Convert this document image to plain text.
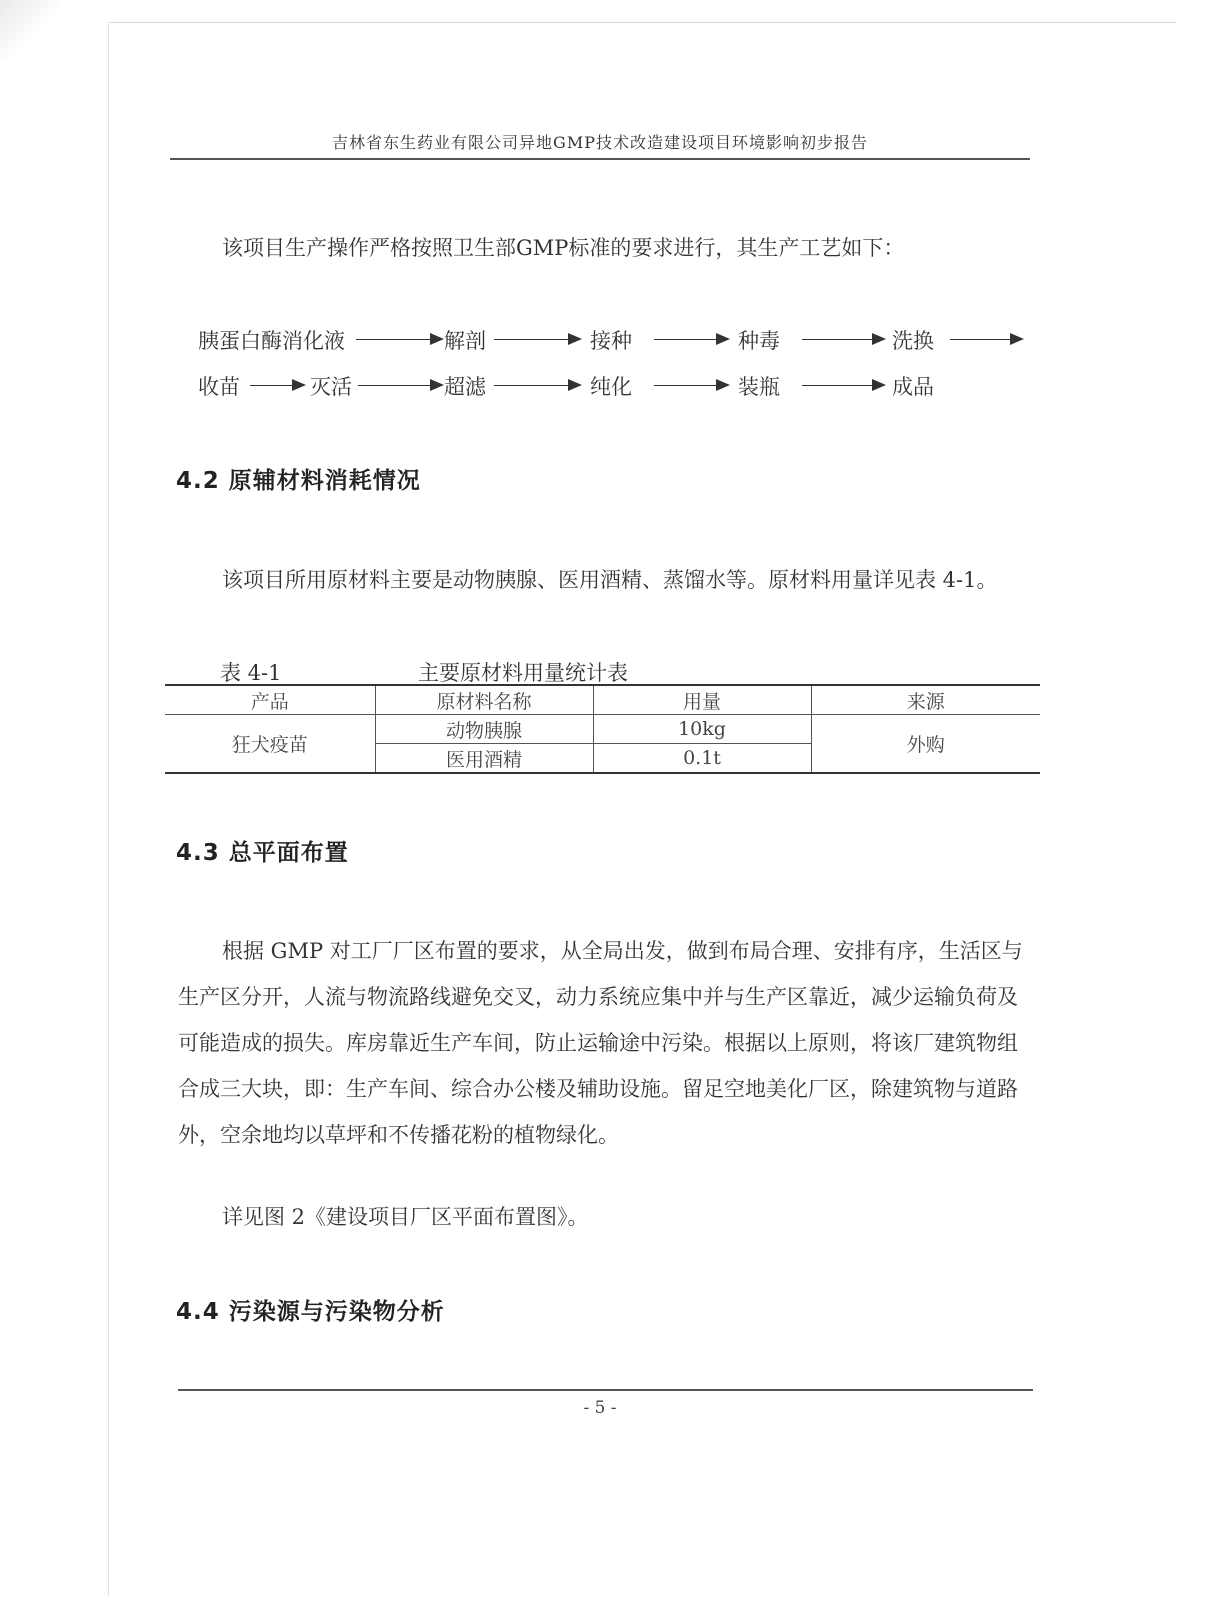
吉林省东生药业有限公司异地GMP技术改造建设项目环境影响初步报告
该项目生产操作严格按照卫生部GMP标准的要求进行，其生产工艺如下：
胰蛋白酶消化液	解剖	接种	种毒	洗换
收苗	灭活	超滤	纯化	装瓶	成品
4.2 原辅材料消耗情况
该项目所用原材料主要是动物胰腺、医用酒精、蒸馏水等。原材料用量详见表 4-1。
表 4-1	主要原材料用量统计表
产品	原材料名称	用量	来源
狂犬疫苗	动物胰腺	10kg	外购
	医用酒精	0.1t	
4.3 总平面布置
根据 GMP 对工厂厂区布置的要求，从全局出发，做到布局合理、安排有序，生活区与生产区分开，人流与物流路线避免交叉，动力系统应集中并与生产区靠近，减少运输负荷及可能造成的损失。库房靠近生产车间，防止运输途中污染。根据以上原则，将该厂建筑物组合成三大块，即：生产车间、综合办公楼及辅助设施。留足空地美化厂区，除建筑物与道路外，空余地均以草坪和不传播花粉的植物绿化。
详见图 2《建设项目厂区平面布置图》。
4.4 污染源与污染物分析
- 5 -
